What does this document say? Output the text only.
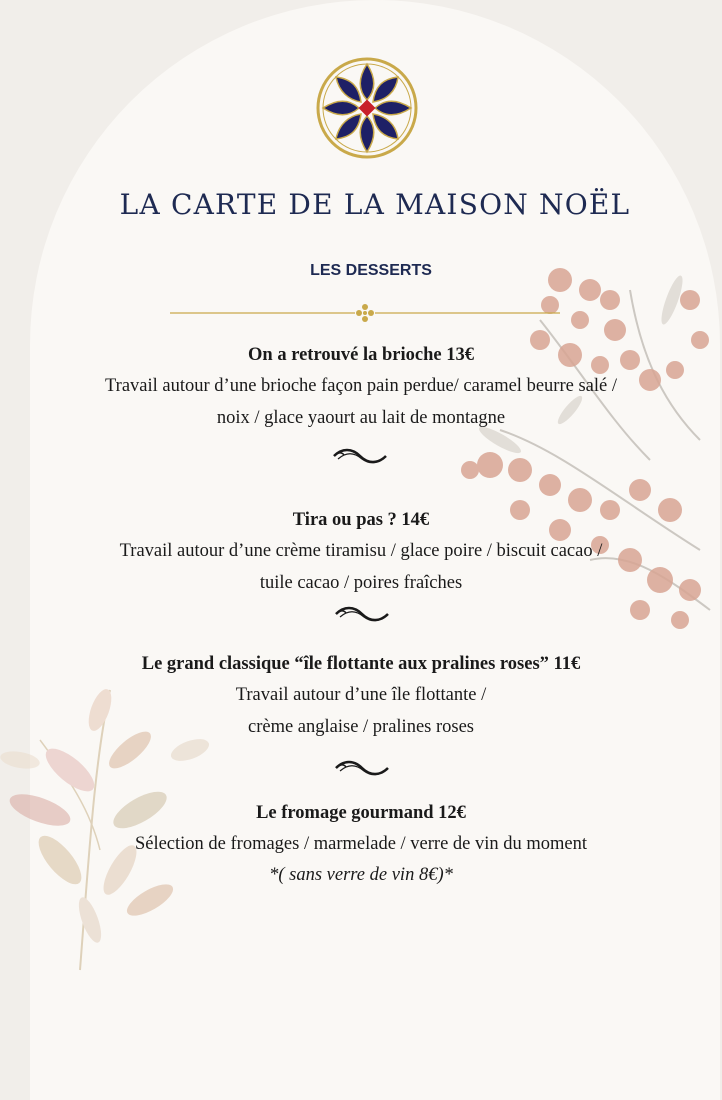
LA CARTE DE LA MAISON NOËL
LES DESSERTS
On a retrouvé la brioche 13€
Travail autour d’une brioche façon pain perdue/ caramel beurre salé /
noix / glace yaourt au lait de montagne
Tira ou pas ? 14€
Travail autour d’une crème tiramisu / glace poire / biscuit cacao /
tuile cacao / poires fraîches
Le grand classique “île flottante aux pralines roses” 11€
Travail autour d’une île flottante /
crème anglaise / pralines roses
Le fromage gourmand 12€
Sélection de fromages / marmelade / verre de vin du moment
*( sans verre de vin 8€)*
